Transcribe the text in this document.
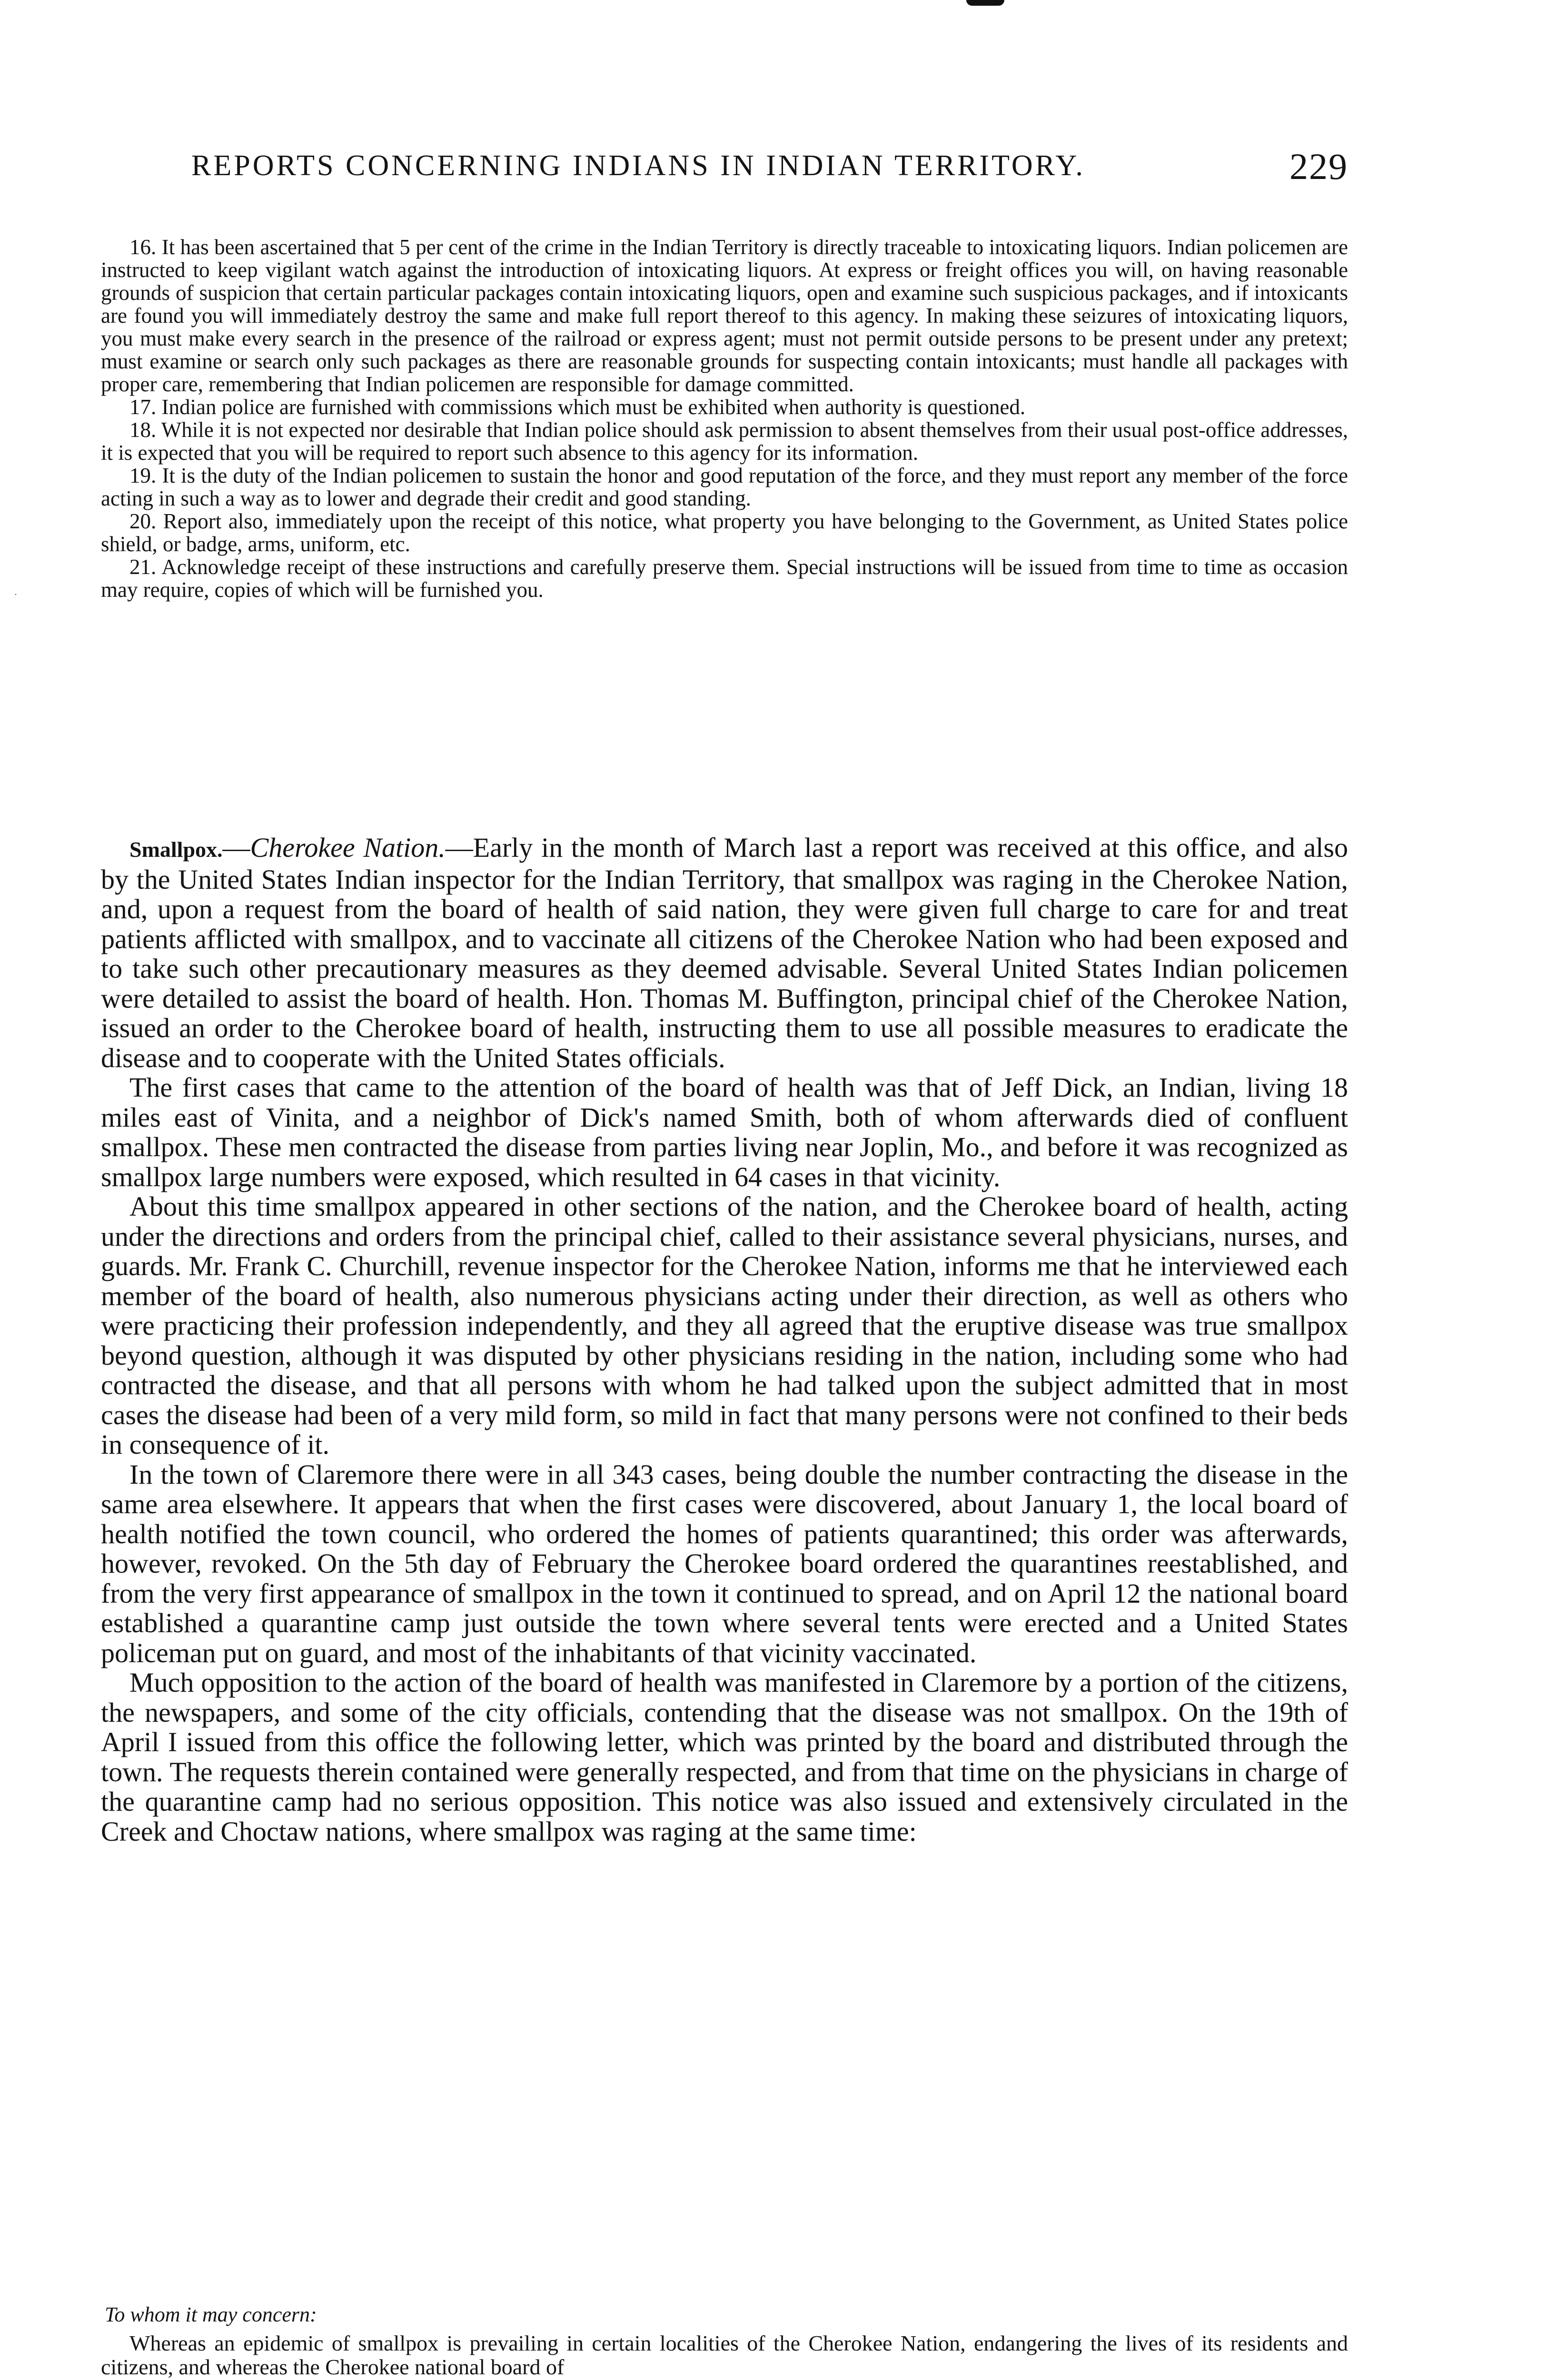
˙
REPORTS CONCERNING INDIANS IN INDIAN TERRITORY.	229

16. It has been ascertained that 5 per cent of the crime in the Indian Territory is directly traceable to intoxicating liquors. Indian policemen are instructed to keep vigilant watch against the introduction of intoxicating liquors. At express or freight offices you will, on having reasonable grounds of suspicion that certain particular packages contain intoxicating liquors, open and examine such suspicious packages, and if intoxicants are found you will immediately destroy the same and make full report thereof to this agency. In making these seizures of intoxicating liquors, you must make every search in the presence of the railroad or express agent; must not permit outside persons to be present under any pretext; must examine or search only such packages as there are reasonable grounds for suspecting contain intoxicants; must handle all packages with proper care, remembering that Indian policemen are responsible for damage committed.

17. Indian police are furnished with commissions which must be exhibited when authority is questioned.

18. While it is not expected nor desirable that Indian police should ask permission to absent themselves from their usual post-office addresses, it is expected that you will be required to report such absence to this agency for its information.

19. It is the duty of the Indian policemen to sustain the honor and good reputation of the force, and they must report any member of the force acting in such a way as to lower and degrade their credit and good standing.

20. Report also, immediately upon the receipt of this notice, what property you have belonging to the Government, as United States police shield, or badge, arms, uniform, etc.

21. Acknowledge receipt of these instructions and carefully preserve them. Special instructions will be issued from time to time as occasion may require, copies of which will be furnished you.

Smallpox.—Cherokee Nation.—Early in the month of March last a report was received at this office, and also by the United States Indian inspector for the Indian Territory, that smallpox was raging in the Cherokee Nation, and, upon a request from the board of health of said nation, they were given full charge to care for and treat patients afflicted with smallpox, and to vaccinate all citizens of the Cherokee Nation who had been exposed and to take such other precautionary measures as they deemed advisable. Several United States Indian policemen were detailed to assist the board of health. Hon. Thomas M. Buffington, principal chief of the Cherokee Nation, issued an order to the Cherokee board of health, instructing them to use all possible measures to eradicate the disease and to cooperate with the United States officials.

The first cases that came to the attention of the board of health was that of Jeff Dick, an Indian, living 18 miles east of Vinita, and a neighbor of Dick's named Smith, both of whom afterwards died of confluent smallpox. These men contracted the disease from parties living near Joplin, Mo., and before it was recognized as smallpox large numbers were exposed, which resulted in 64 cases in that vicinity.

About this time smallpox appeared in other sections of the nation, and the Cherokee board of health, acting under the directions and orders from the principal chief, called to their assistance several physicians, nurses, and guards. Mr. Frank C. Churchill, revenue inspector for the Cherokee Nation, informs me that he interviewed each member of the board of health, also numerous physicians acting under their direction, as well as others who were practicing their profession independently, and they all agreed that the eruptive disease was true smallpox beyond question, although it was disputed by other physicians residing in the nation, including some who had contracted the disease, and that all persons with whom he had talked upon the subject admitted that in most cases the disease had been of a very mild form, so mild in fact that many persons were not confined to their beds in consequence of it.

In the town of Claremore there were in all 343 cases, being double the number contracting the disease in the same area elsewhere. It appears that when the first cases were discovered, about January 1, the local board of health notified the town council, who ordered the homes of patients quarantined; this order was afterwards, however, revoked. On the 5th day of February the Cherokee board ordered the quarantines reestablished, and from the very first appearance of smallpox in the town it continued to spread, and on April 12 the national board established a quarantine camp just outside the town where several tents were erected and a United States policeman put on guard, and most of the inhabitants of that vicinity vaccinated.

Much opposition to the action of the board of health was manifested in Claremore by a portion of the citizens, the newspapers, and some of the city officials, contending that the disease was not smallpox. On the 19th of April I issued from this office the following letter, which was printed by the board and distributed through the town. The requests therein contained were generally respected, and from that time on the physicians in charge of the quarantine camp had no serious opposition. This notice was also issued and extensively circulated in the Creek and Choctaw nations, where smallpox was raging at the same time:

To whom it may concern:

Whereas an epidemic of smallpox is prevailing in certain localities of the Cherokee Nation, endangering the lives of its residents and citizens, and whereas the Cherokee national board of
